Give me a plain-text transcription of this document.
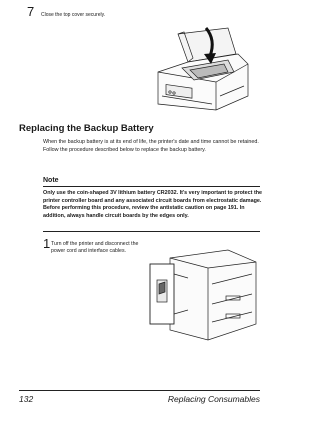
7 Close the top cover securely.
Replacing the Backup Battery

When the backup battery is at its end of life, the printer's date and time cannot be retained. Follow the procedure described below to replace the backup battery.

Note

Only use the coin-shaped 3V lithium battery CR2032. It's very important to protect the printer controller board and any associated circuit boards from electrostatic damage. Before performing this procedure, review the antistatic caution on page 191. In addition, always handle circuit boards by the edges only.

1 Turn off the printer and disconnect the power cord and interface cables.
132	Replacing Consumables
